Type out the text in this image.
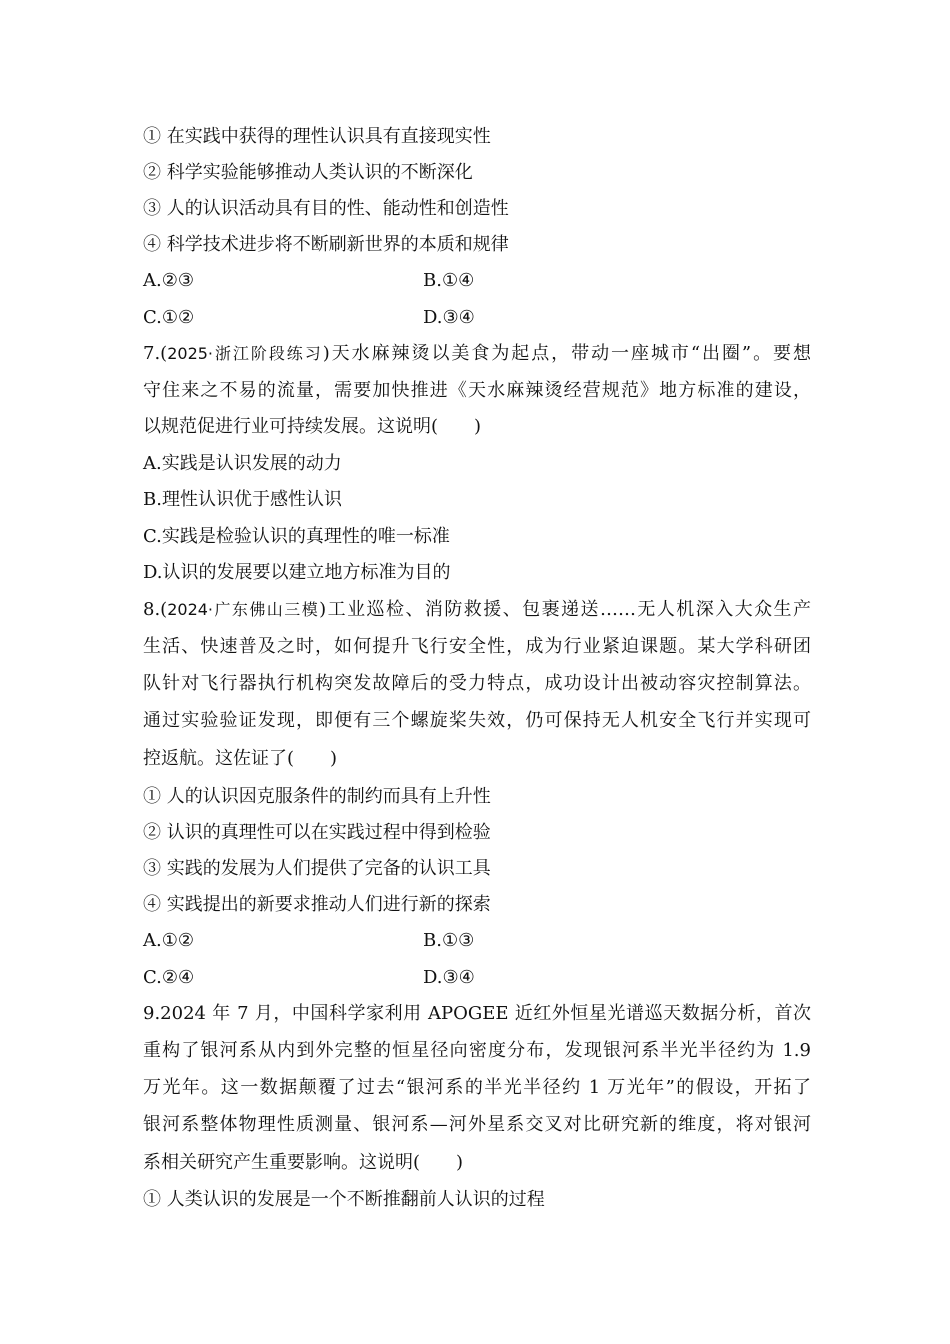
① 在实践中获得的理性认识具有直接现实性
② 科学实验能够推动人类认识的不断深化
③ 人的认识活动具有目的性、能动性和创造性
④ 科学技术进步将不断刷新世界的本质和规律
A.②③	B.①④
C.①②	D.③④
7.(2025·浙江阶段练习)天水麻辣烫以美食为起点，带动一座城市“出圈”。要想
守住来之不易的流量，需要加快推进《天水麻辣烫经营规范》地方标准的建设，
以规范促进行业可持续发展。这说明(　　)
A.实践是认识发展的动力
B.理性认识优于感性认识
C.实践是检验认识的真理性的唯一标准
D.认识的发展要以建立地方标准为目的
8.(2024·广东佛山三模)工业巡检、消防救援、包裹递送……无人机深入大众生产
生活、快速普及之时，如何提升飞行安全性，成为行业紧迫课题。某大学科研团
队针对飞行器执行机构突发故障后的受力特点，成功设计出被动容灾控制算法。
通过实验验证发现，即便有三个螺旋桨失效，仍可保持无人机安全飞行并实现可
控返航。这佐证了(　　)
① 人的认识因克服条件的制约而具有上升性
② 认识的真理性可以在实践过程中得到检验
③ 实践的发展为人们提供了完备的认识工具
④ 实践提出的新要求推动人们进行新的探索
A.①②	B.①③
C.②④	D.③④
9.2024 年 7 月，中国科学家利用 APOGEE 近红外恒星光谱巡天数据分析，首次
重构了银河系从内到外完整的恒星径向密度分布，发现银河系半光半径约为 1.9
万光年。这一数据颠覆了过去“银河系的半光半径约 1 万光年”的假设，开拓了
银河系整体物理性质测量、银河系—河外星系交叉对比研究新的维度，将对银河
系相关研究产生重要影响。这说明(　　)
① 人类认识的发展是一个不断推翻前人认识的过程
